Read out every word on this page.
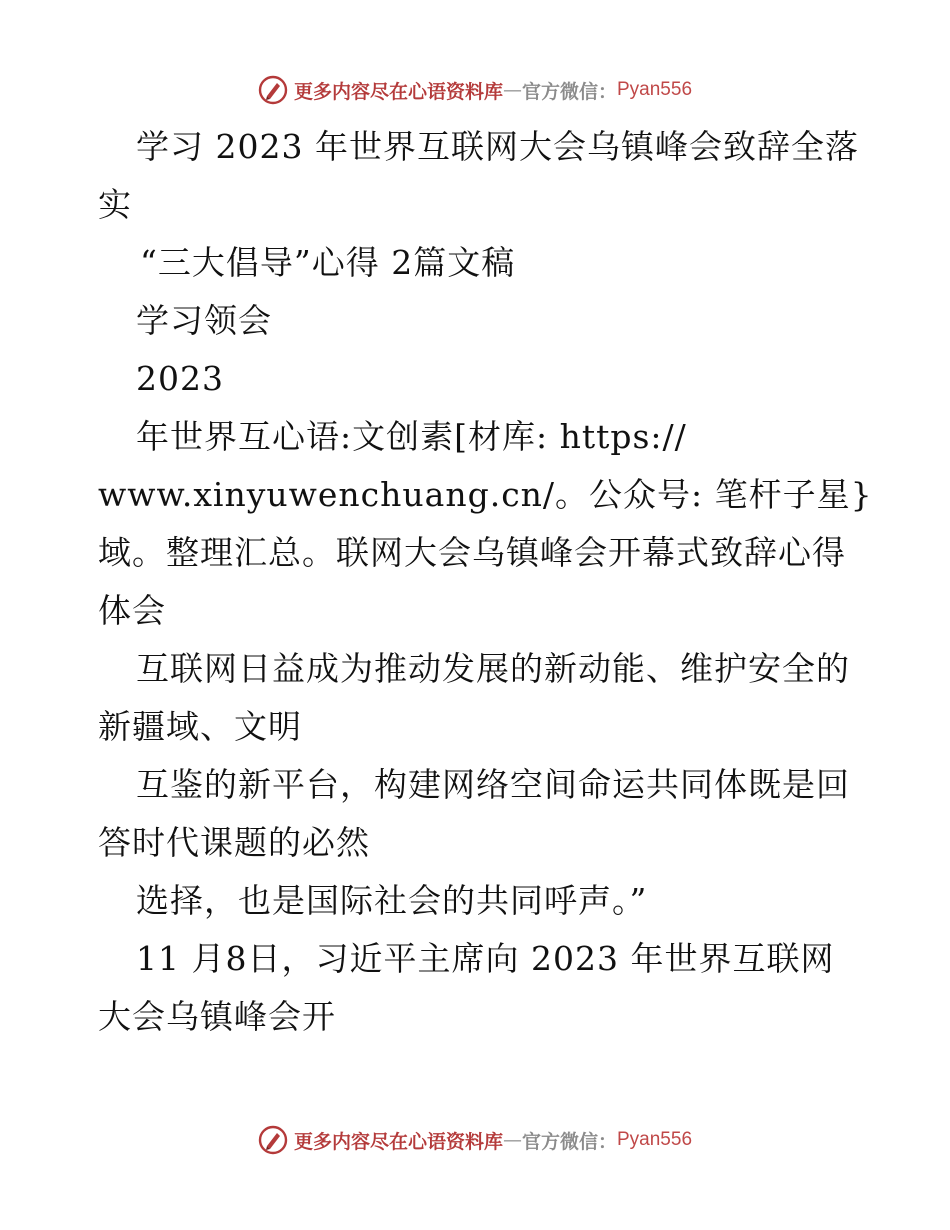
更多内容尽在心语资料库 — 官方微信： Pyan556
学习 2023 年世界互联网大会乌镇峰会致辞全落
实
“三大倡导”心得 2篇文稿
学习领会
2023
年世界互心语:文创素[材库: https://
www.xinyuwenchuang.cn/。公众号: 笔杆子星}
域。整理汇总。联网大会乌镇峰会开幕式致辞心得
体会
互联网日益成为推动发展的新动能、维护安全的
新疆域、文明
互鉴的新平台，构建网络空间命运共同体既是回
答时代课题的必然
选择，也是国际社会的共同呼声。”
11 月8日，习近平主席向 2023 年世界互联网
大会乌镇峰会开
更多内容尽在心语资料库 — 官方微信： Pyan556
